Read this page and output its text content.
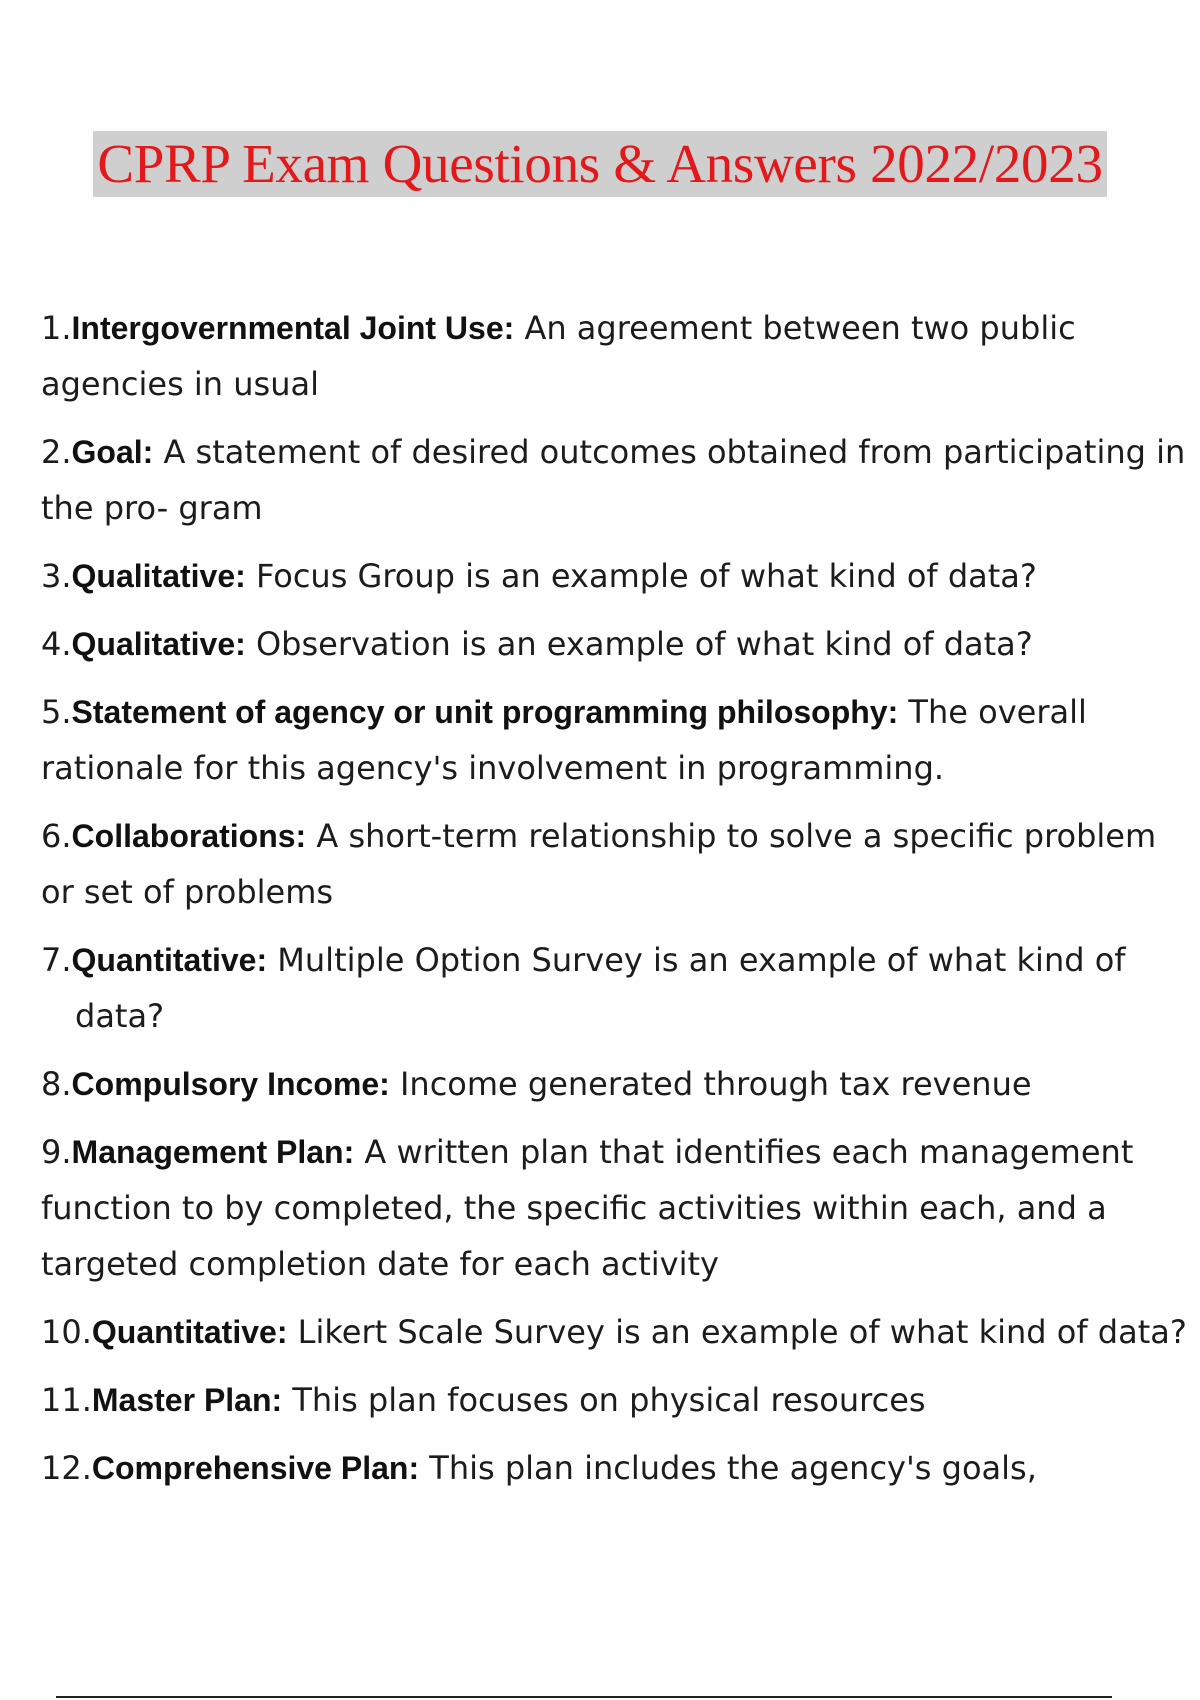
CPRP Exam Questions & Answers 2022/2023
1.Intergovernmental Joint Use: An agreement between two public agencies in usual
2.Goal: A statement of desired outcomes obtained from participating in the pro- gram
3.Qualitative: Focus Group is an example of what kind of data?
4.Qualitative: Observation is an example of what kind of data?
5.Statement of agency or unit programming philosophy: The overall rationale for this agency's involvement in programming.
6.Collaborations: A short-term relationship to solve a specific problem or set of problems
7.Quantitative: Multiple Option Survey is an example of what kind of data?
8.Compulsory Income: Income generated through tax revenue
9.Management Plan: A written plan that identifies each management function to by completed, the specific activities within each, and a targeted completion date for each activity
10.Quantitative: Likert Scale Survey is an example of what kind of data?
11.Master Plan: This plan focuses on physical resources
12.Comprehensive Plan: This plan includes the agency's goals,
